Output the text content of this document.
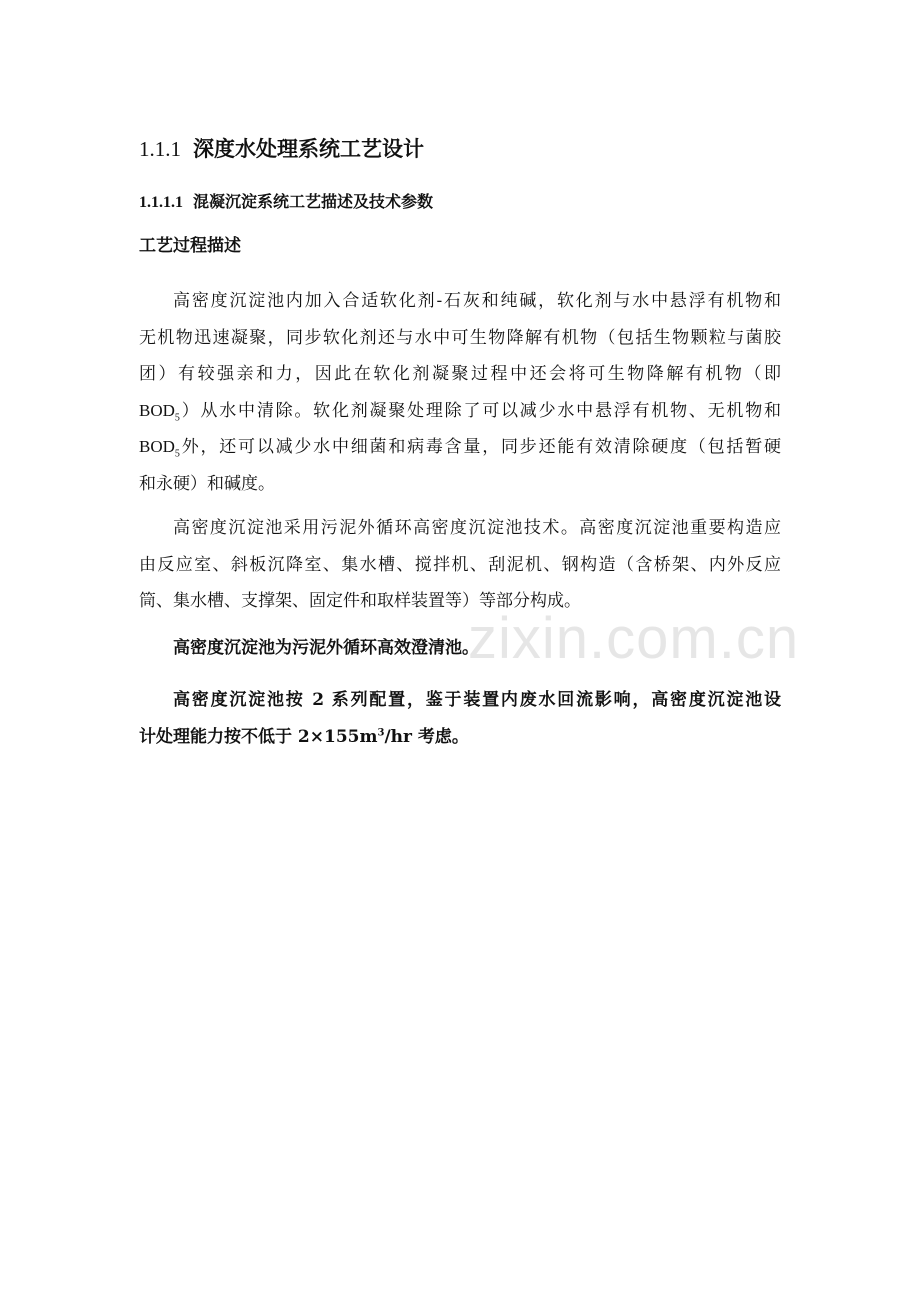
1.1.1 深度水处理系统工艺设计
1.1.1.1 混凝沉淀系统工艺描述及技术参数
工艺过程描述
高密度沉淀池内加入合适软化剂-石灰和纯碱，软化剂与水中悬浮有机物和
无机物迅速凝聚，同步软化剂还与水中可生物降解有机物（包括生物颗粒与菌胶
团）有较强亲和力，因此在软化剂凝聚过程中还会将可生物降解有机物（即
$BOD_5$）从水中清除。软化剂凝聚处理除了可以减少水中悬浮有机物、无机物和
$BOD_5$外，还可以减少水中细菌和病毒含量，同步还能有效清除硬度（包括暂硬
和永硬）和碱度。
高密度沉淀池采用污泥外循环高密度沉淀池技术。高密度沉淀池重要构造应
由反应室、斜板沉降室、集水槽、搅拌机、刮泥机、钢构造（含桥架、内外反应
筒、集水槽、支撑架、固定件和取样装置等）等部分构成。
高密度沉淀池为污泥外循环高效澄清池。
高密度沉淀池按 2 系列配置，鉴于装置内废水回流影响，高密度沉淀池设
计处理能力按不低于 $2\times 155m^3/hr$ 考虑。
zixin.com.cn
